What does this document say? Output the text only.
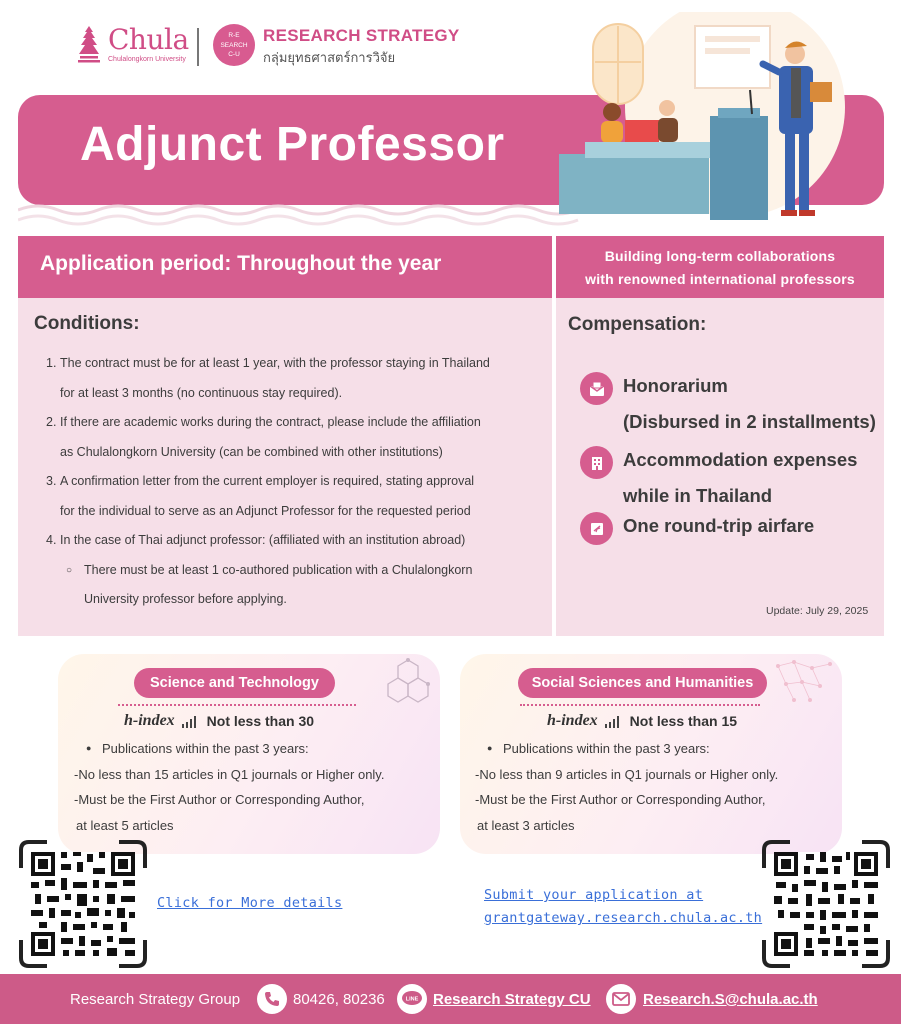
Chula
Chulalongkorn University
R-E
SEARCH
C-U
RESEARCH STRATEGY
กลุ่มยุทธศาสตร์การวิจัย
Adjunct Professor
Application period: Throughout the year	Building long-term collaborations
with renowned international professors
Conditions:
1. The contract must be for at least 1 year, with the professor staying in Thailand
for at least 3 months (no continuous stay required).
2. If there are academic works during the contract, please include the affiliation
as Chulalongkorn University (can be combined with other institutions)
3. A confirmation letter from the current employer is required, stating approval
for the individual to serve as an Adjunct Professor for the requested period
4. In the case of Thai adjunct professor: (affiliated with an institution abroad)
○ There must be at least 1 co-authored publication with a Chulalongkorn
University professor before applying.
Compensation:
Honorarium
(Disbursed in 2 installments)
Accommodation expenses
while in Thailand
One round-trip airfare
Update: July 29, 2025
Science and Technology	Social Sciences and Humanities
h-index Not less than 30	h-index Not less than 15
● Publications within the past 3 years:
-No less than 15 articles in Q1 journals or Higher only.
-Must be the First Author or Corresponding Author,
at least 5 articles
● Publications within the past 3 years:
-No less than 9 articles in Q1 journals or Higher only.
-Must be the First Author or Corresponding Author,
at least 3 articles
Click for More details	Submit your application at
grantgateway.research.chula.ac.th
Research Strategy Group	80426, 80236	LINE Research Strategy CU	Research.S@chula.ac.th
